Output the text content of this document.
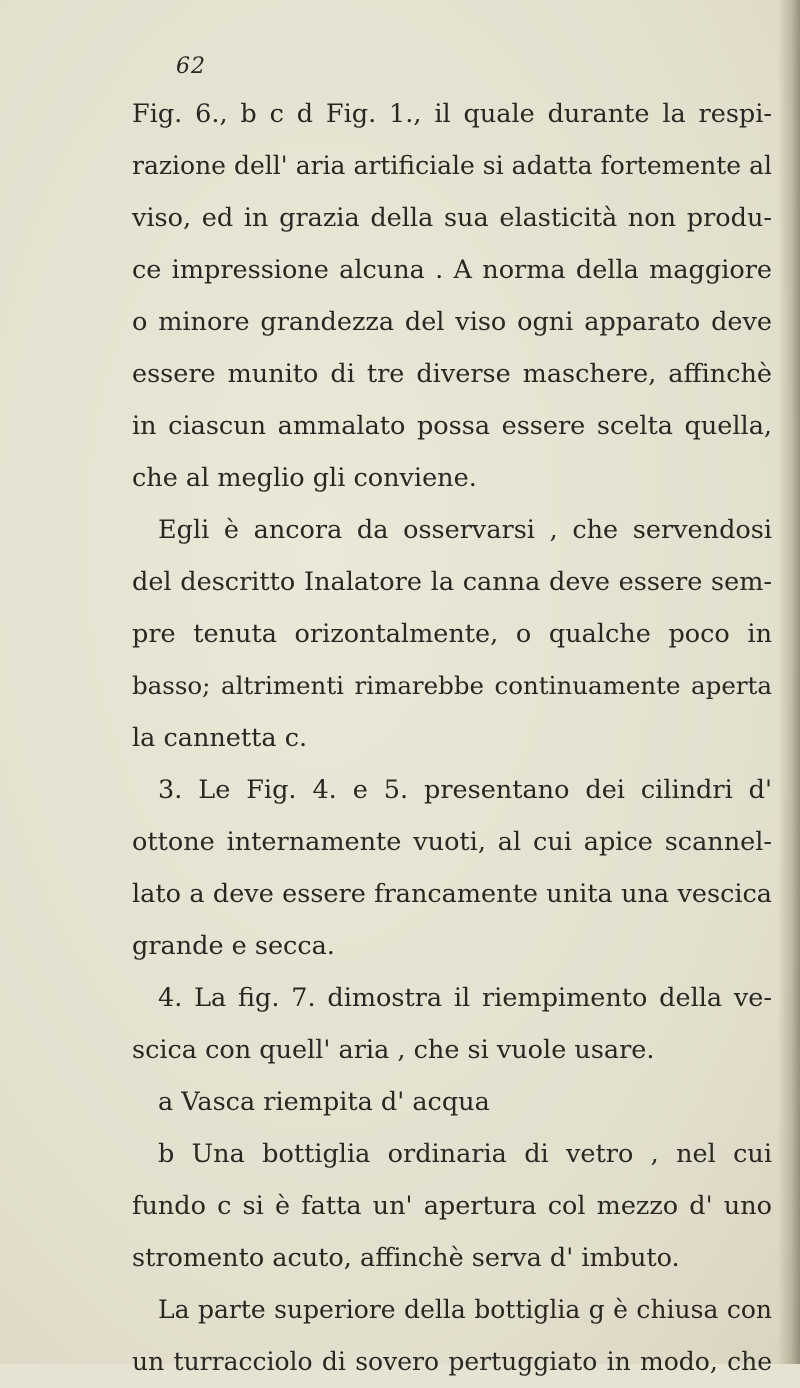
62
Fig. 6., b c d Fig. 1., il quale durante la respi-
razione dell' aria artificiale si adatta fortemente al
viso, ed in grazia della sua elasticità non produ-
ce impressione alcuna . A norma della maggiore
o minore grandezza del viso ogni apparato deve
essere munito di tre diverse maschere, affinchè
in ciascun ammalato possa essere scelta quella,
che al meglio gli conviene.
Egli è ancora da osservarsi , che servendosi
del descritto Inalatore la canna deve essere sem-
pre tenuta orizontalmente, o qualche poco in
basso; altrimenti rimarebbe continuamente aperta
la cannetta c.
3. Le Fig. 4. e 5. presentano dei cilindri d'
ottone internamente vuoti, al cui apice scannel-
lato a deve essere francamente unita una vescica
grande e secca.
4. La fig. 7. dimostra il riempimento della ve-
scica con quell' aria , che si vuole usare.
a Vasca riempita d' acqua
b Una bottiglia ordinaria di vetro , nel cui
fundo c si è fatta un' apertura col mezzo d' uno
stromento acuto, affinchè serva d' imbuto.
La parte superiore della bottiglia g è chiusa con
un turracciolo di sovero pertuggiato in modo, che
